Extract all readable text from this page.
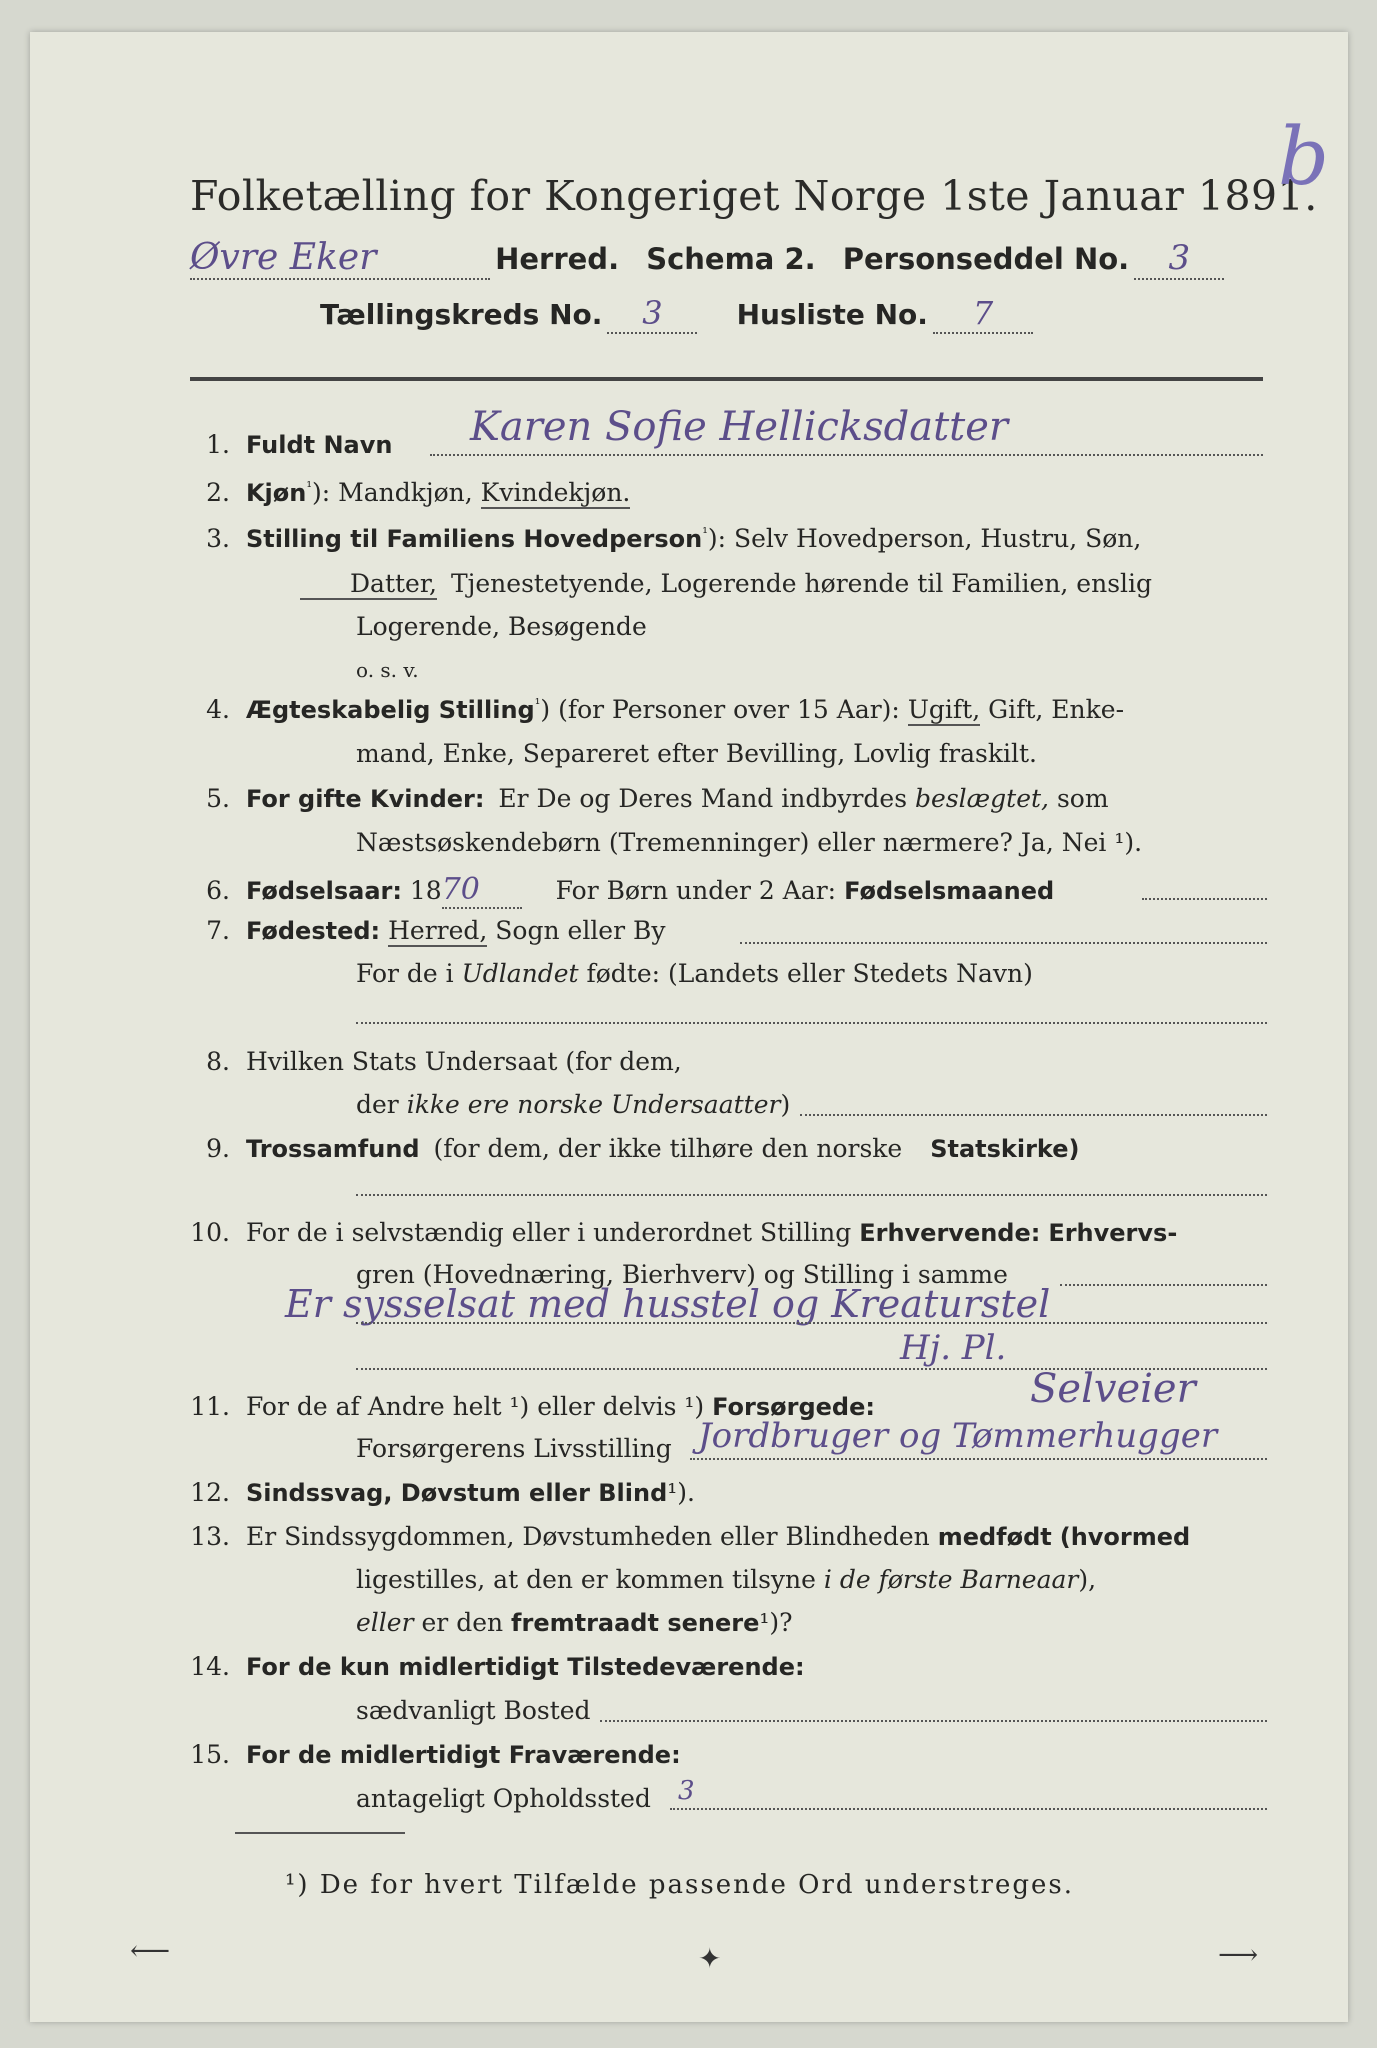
Folketælling for Kongeriget Norge 1ste Januar 1891.
b
Øvre Eker	Herred. Schema 2. Personseddel No. 3
Tællingskreds No. 3	Husliste No. 7
1. Fuldt Navn Karen Sofie Hellicksdatter
2. Kjøn$^{^1}$): Mandkjøn, Kvindekjøn.
3. Stilling til Familiens Hovedperson$^{^1}$): Selv Hovedperson, Hustru, Søn,
Datter, Tjenestetyende, Logerende hørende til Familien, enslig
Logerende, Besøgende
o. s. v.
4. Ægteskabelig Stilling$^{^1}$) (for Personer over 15 Aar): Ugift, Gift, Enke-
mand, Enke, Separeret efter Bevilling, Lovlig fraskilt.
5. For gifte Kvinder: Er De og Deres Mand indbyrdes beslægtet, som
Næstsøskendebørn (Tremenninger) eller nærmere? Ja, Nei ¹).
6. Fødselsaar: 1870	For Børn under 2 Aar: Fødselsmaaned
7. Fødested: Herred, Sogn eller By
For de i Udlandet fødte: (Landets eller Stedets Navn)
8. Hvilken Stats Undersaat (for dem,
der ikke ere norske Undersaatter)
9. Trossamfund (for dem, der ikke tilhøre den norske Statskirke)
10. For de i selvstændig eller i underordnet Stilling Erhvervende: Erhvervs-
gren (Hovednæring, Bierhverv) og Stilling i samme
Er sysselsat med husstel og Kreaturstel
Hj. Pl.
11. For de af Andre helt ¹) eller delvis ¹) Forsørgede:	Selveier
Forsørgerens Livsstilling Jordbruger og Tømmerhugger
12. Sindssvag, Døvstum eller Blind¹).
13. Er Sindssygdommen, Døvstumheden eller Blindheden medfødt (hvormed
ligestilles, at den er kommen tilsyne i de første Barneaar),
eller er den fremtraadt senere¹)?
14. For de kun midlertidigt Tilstedeværende:
sædvanligt Bosted
15. For de midlertidigt Fraværende:
antageligt Opholdssted 3
¹) De for hvert Tilfælde passende Ord understreges.
⟵	✦	⟶
